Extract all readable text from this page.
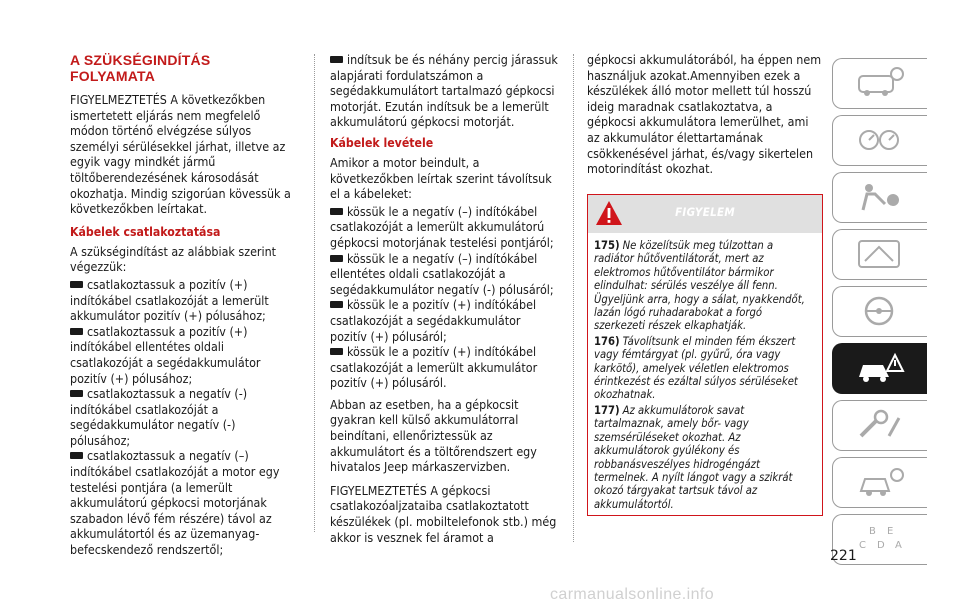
A SZÜKSÉGINDÍTÁS FOLYAMATA

FIGYELMEZTETÉS A következőkben ismertetett eljárás nem megfelelő módon történő elvégzése súlyos személyi sérülésekkel járhat, illetve az egyik vagy mindkét jármű töltőberendezésének károsodását okozhatja. Mindig szigorúan kövessük a következőkben leírtakat.

Kábelek csatlakoztatása

A szükségindítást az alábbiak szerint végezzük:

csatlakoztassuk a pozitív (+) indítókábel csatlakozóját a lemerült akkumulátor pozitív (+) pólusához;
csatlakoztassuk a pozitív (+) indítókábel ellentétes oldali csatlakozóját a segédakkumulátor pozitív (+) pólusához;
csatlakoztassuk a negatív (-) indítókábel csatlakozóját a segédakkumulátor negatív (-) pólusához;
csatlakoztassuk a negatív (–) indítókábel csatlakozóját a motor egy testelési pontjára (a lemerült akkumulátorú gépkocsi motorjának szabadon lévő fém részére) távol az akkumulátortól és az üzemanyag-befecskendező rendszertől;
indítsuk be és néhány percig járassuk alapjárati fordulatszámon a segédakkumulátort tartalmazó gépkocsi motorját. Ezután indítsuk be a lemerült akkumulátorú gépkocsi motorját.
Kábelek levétele

Amikor a motor beindult, a következőkben leírtak szerint távolítsuk el a kábeleket:

kössük le a negatív (–) indítókábel csatlakozóját a lemerült akkumulátorú gépkocsi motorjának testelési pontjáról;
kössük le a negatív (–) indítókábel ellentétes oldali csatlakozóját a segédakkumulátor negatív (-) pólusáról;
kössük le a pozitív (+) indítókábel csatlakozóját a segédakkumulátor pozitív (+) pólusáról;
kössük le a pozitív (+) indítókábel csatlakozóját a lemerült akkumulátor pozitív (+) pólusáról.

Abban az esetben, ha a gépkocsit gyakran kell külső akkumulátorral beindítani, ellenőriztessük az akkumulátort és a töltőrendszert egy hivatalos Jeep márkaszervizben.

FIGYELMEZTETÉS A gépkocsi csatlakozóaljzataiba csatlakoztatott készülékek (pl. mobiltelefonok stb.) még akkor is vesznek fel áramot a

gépkocsi akkumulátorából, ha éppen nem használjuk azokat.Amennyiben ezek a készülékek álló motor mellett túl hosszú ideig maradnak csatlakoztatva, a gépkocsi akkumulátora lemerülhet, ami az akkumulátor élettartamának csökkenésével járhat, és/vagy sikertelen motorindítást okozhat.

FIGYELEM

175) Ne közelítsük meg túlzottan a radiátor hűtőventilátorát, mert az elektromos hűtőventilátor bármikor elindulhat: sérülés veszélye áll fenn. Ügyeljünk arra, hogy a sálat, nyakkendőt, lazán lógó ruhadarabokat a forgó szerkezeti részek elkaphatják.

176) Távolítsunk el minden fém ékszert vagy fémtárgyat (pl. gyűrű, óra vagy karkötő), amelyek véletlen elektromos érintkezést és ezáltal súlyos sérüléseket okozhatnak.

177) Az akkumulátorok savat tartalmaznak, amely bőr- vagy szemsérüléseket okozhat. Az akkumulátorok gyúlékony és robbanásveszélyes hidrogéngázt termelnek. A nyílt lángot vagy a szikrát okozó tárgyakat tartsuk távol az akkumulátortól.

B E
C D A
221
carmanualsonline.info
